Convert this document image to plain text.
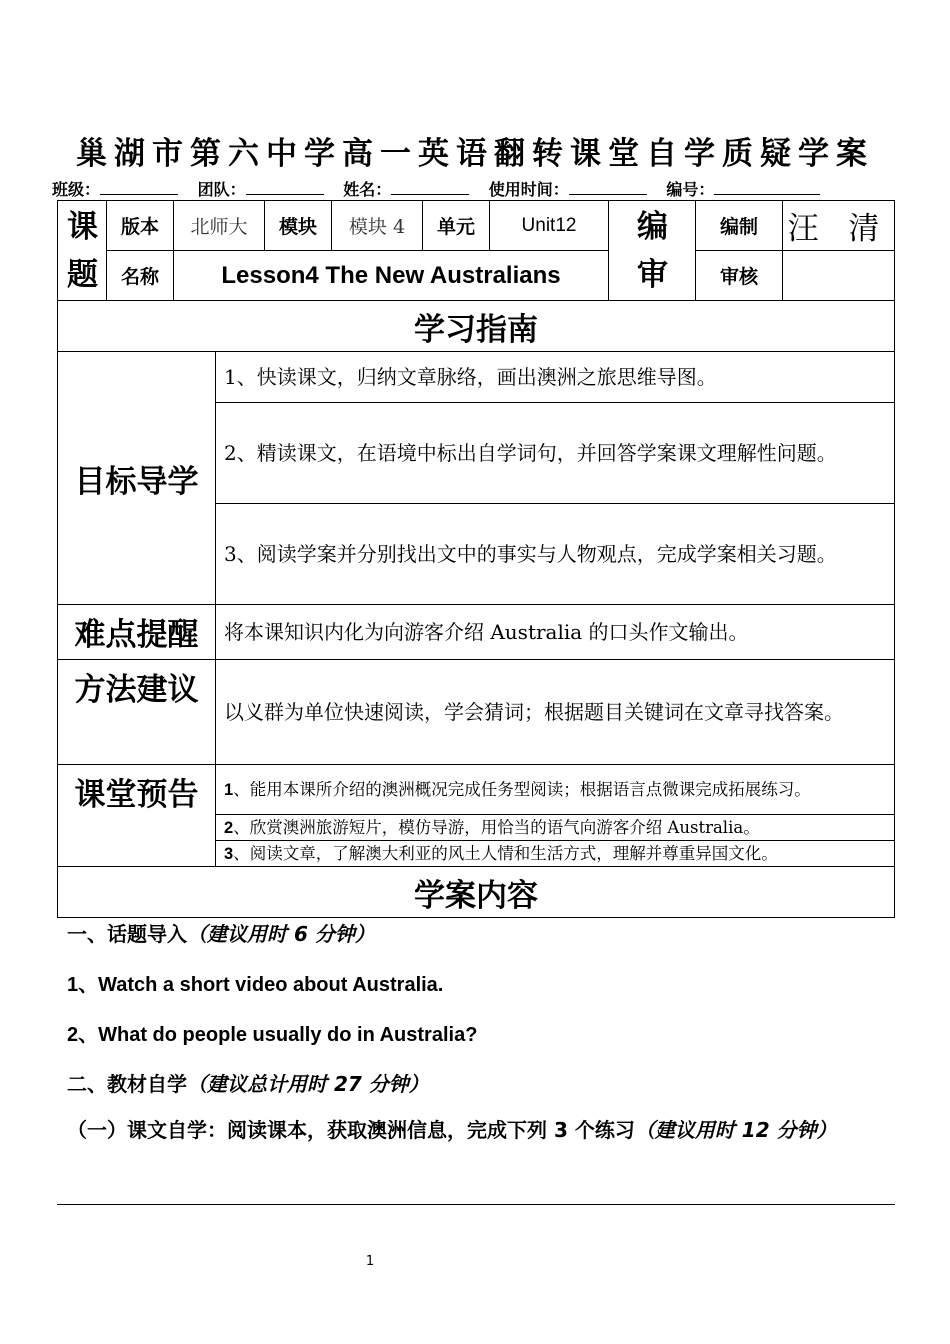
巢湖市第六中学高一英语翻转课堂自学质疑学案
班级：	团队：	姓名：	使用时间：	编号：
课题	版本	北师大	模块	模块 4	单元	Unit12	编审	编制	汪 清
	名称	Lesson4 The New Australians						审核	
学习指南	
目标导学	1、快读课文，归纳文章脉络，画出澳洲之旅思维导图。
	2、精读课文，在语境中标出自学词句，并回答学案课文理解性问题。
	3、阅读学案并分别找出文中的事实与人物观点，完成学案相关习题。
难点提醒	将本课知识内化为向游客介绍 Australia 的口头作文输出。
方法建议	以义群为单位快速阅读，学会猜词；根据题目关键词在文章寻找答案。
课堂预告	1、能用本课所介绍的澳洲概况完成任务型阅读；根据语言点微课完成拓展练习。
	2、欣赏澳洲旅游短片，模仿导游，用恰当的语气向游客介绍 Australia。
	3、阅读文章，了解澳大利亚的风土人情和生活方式，理解并尊重异国文化。
学案内容	
一、话题导入（建议用时 6 分钟）
1、Watch a short video about Australia.
2、What do people usually do in Australia?
二、教材自学（建议总计用时 27 分钟）
（一）课文自学：阅读课本，获取澳洲信息，完成下列 3 个练习（建议用时 12 分钟）
1
